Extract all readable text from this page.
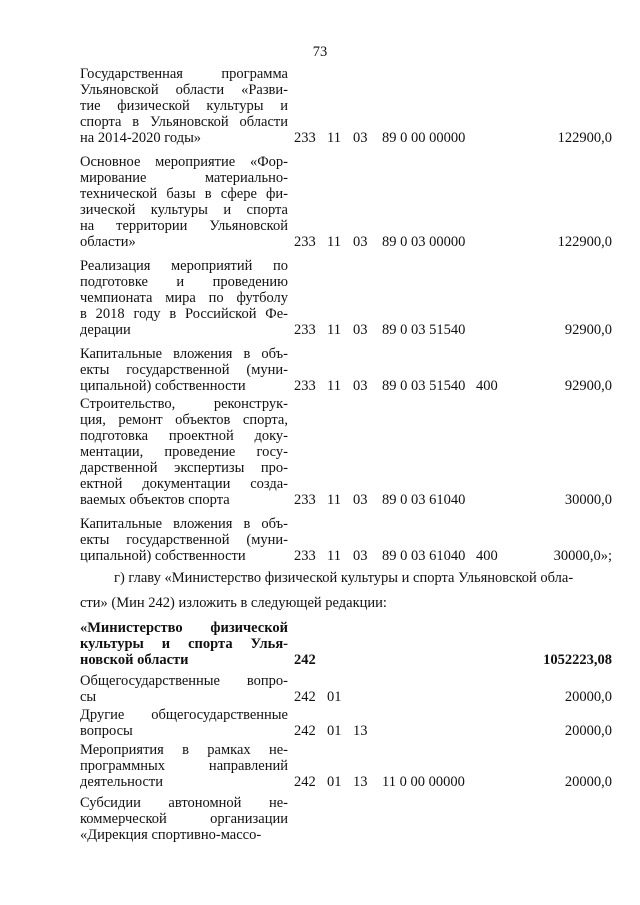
73
Государственная программа
Ульяновской области «Разви-
тие физической культуры и
спорта в Ульяновской области
на 2014-2020 годы»	233 11 03 89 0 00 00000	122900,0
Основное мероприятие «Фор-
мирование материально-
технической базы в сфере фи-
зической культуры и спорта
на территории Ульяновской
области»	233 11 03 89 0 03 00000	122900,0
Реализация мероприятий по
подготовке и проведению
чемпионата мира по футболу
в 2018 году в Российской Фе-
дерации	233 11 03 89 0 03 51540	92900,0
Капитальные вложения в объ-
екты государственной (муни-
ципальной) собственности	233 11 03 89 0 03 51540 400	92900,0
Строительство, реконструк-
ция, ремонт объектов спорта,
подготовка проектной доку-
ментации, проведение госу-
дарственной экспертизы про-
ектной документации созда-
ваемых объектов спорта	233 11 03 89 0 03 61040	30000,0
Капитальные вложения в объ-
екты государственной (муни-
ципальной) собственности	233 11 03 89 0 03 61040 400	30000,0»;
г) главу «Министерство физической культуры и спорта Ульяновской обла-
сти» (Мин 242) изложить в следующей редакции:
«Министерство физической
культуры и спорта Улья-
новской области	242	1052223,08
Общегосударственные вопро-
сы	242 01	20000,0
Другие общегосударственные
вопросы	242 01 13	20000,0
Мероприятия в рамках не-
программных направлений
деятельности	242 01 13 11 0 00 00000	20000,0
Субсидии автономной не-
коммерческой организации
«Дирекция спортивно-массо-
